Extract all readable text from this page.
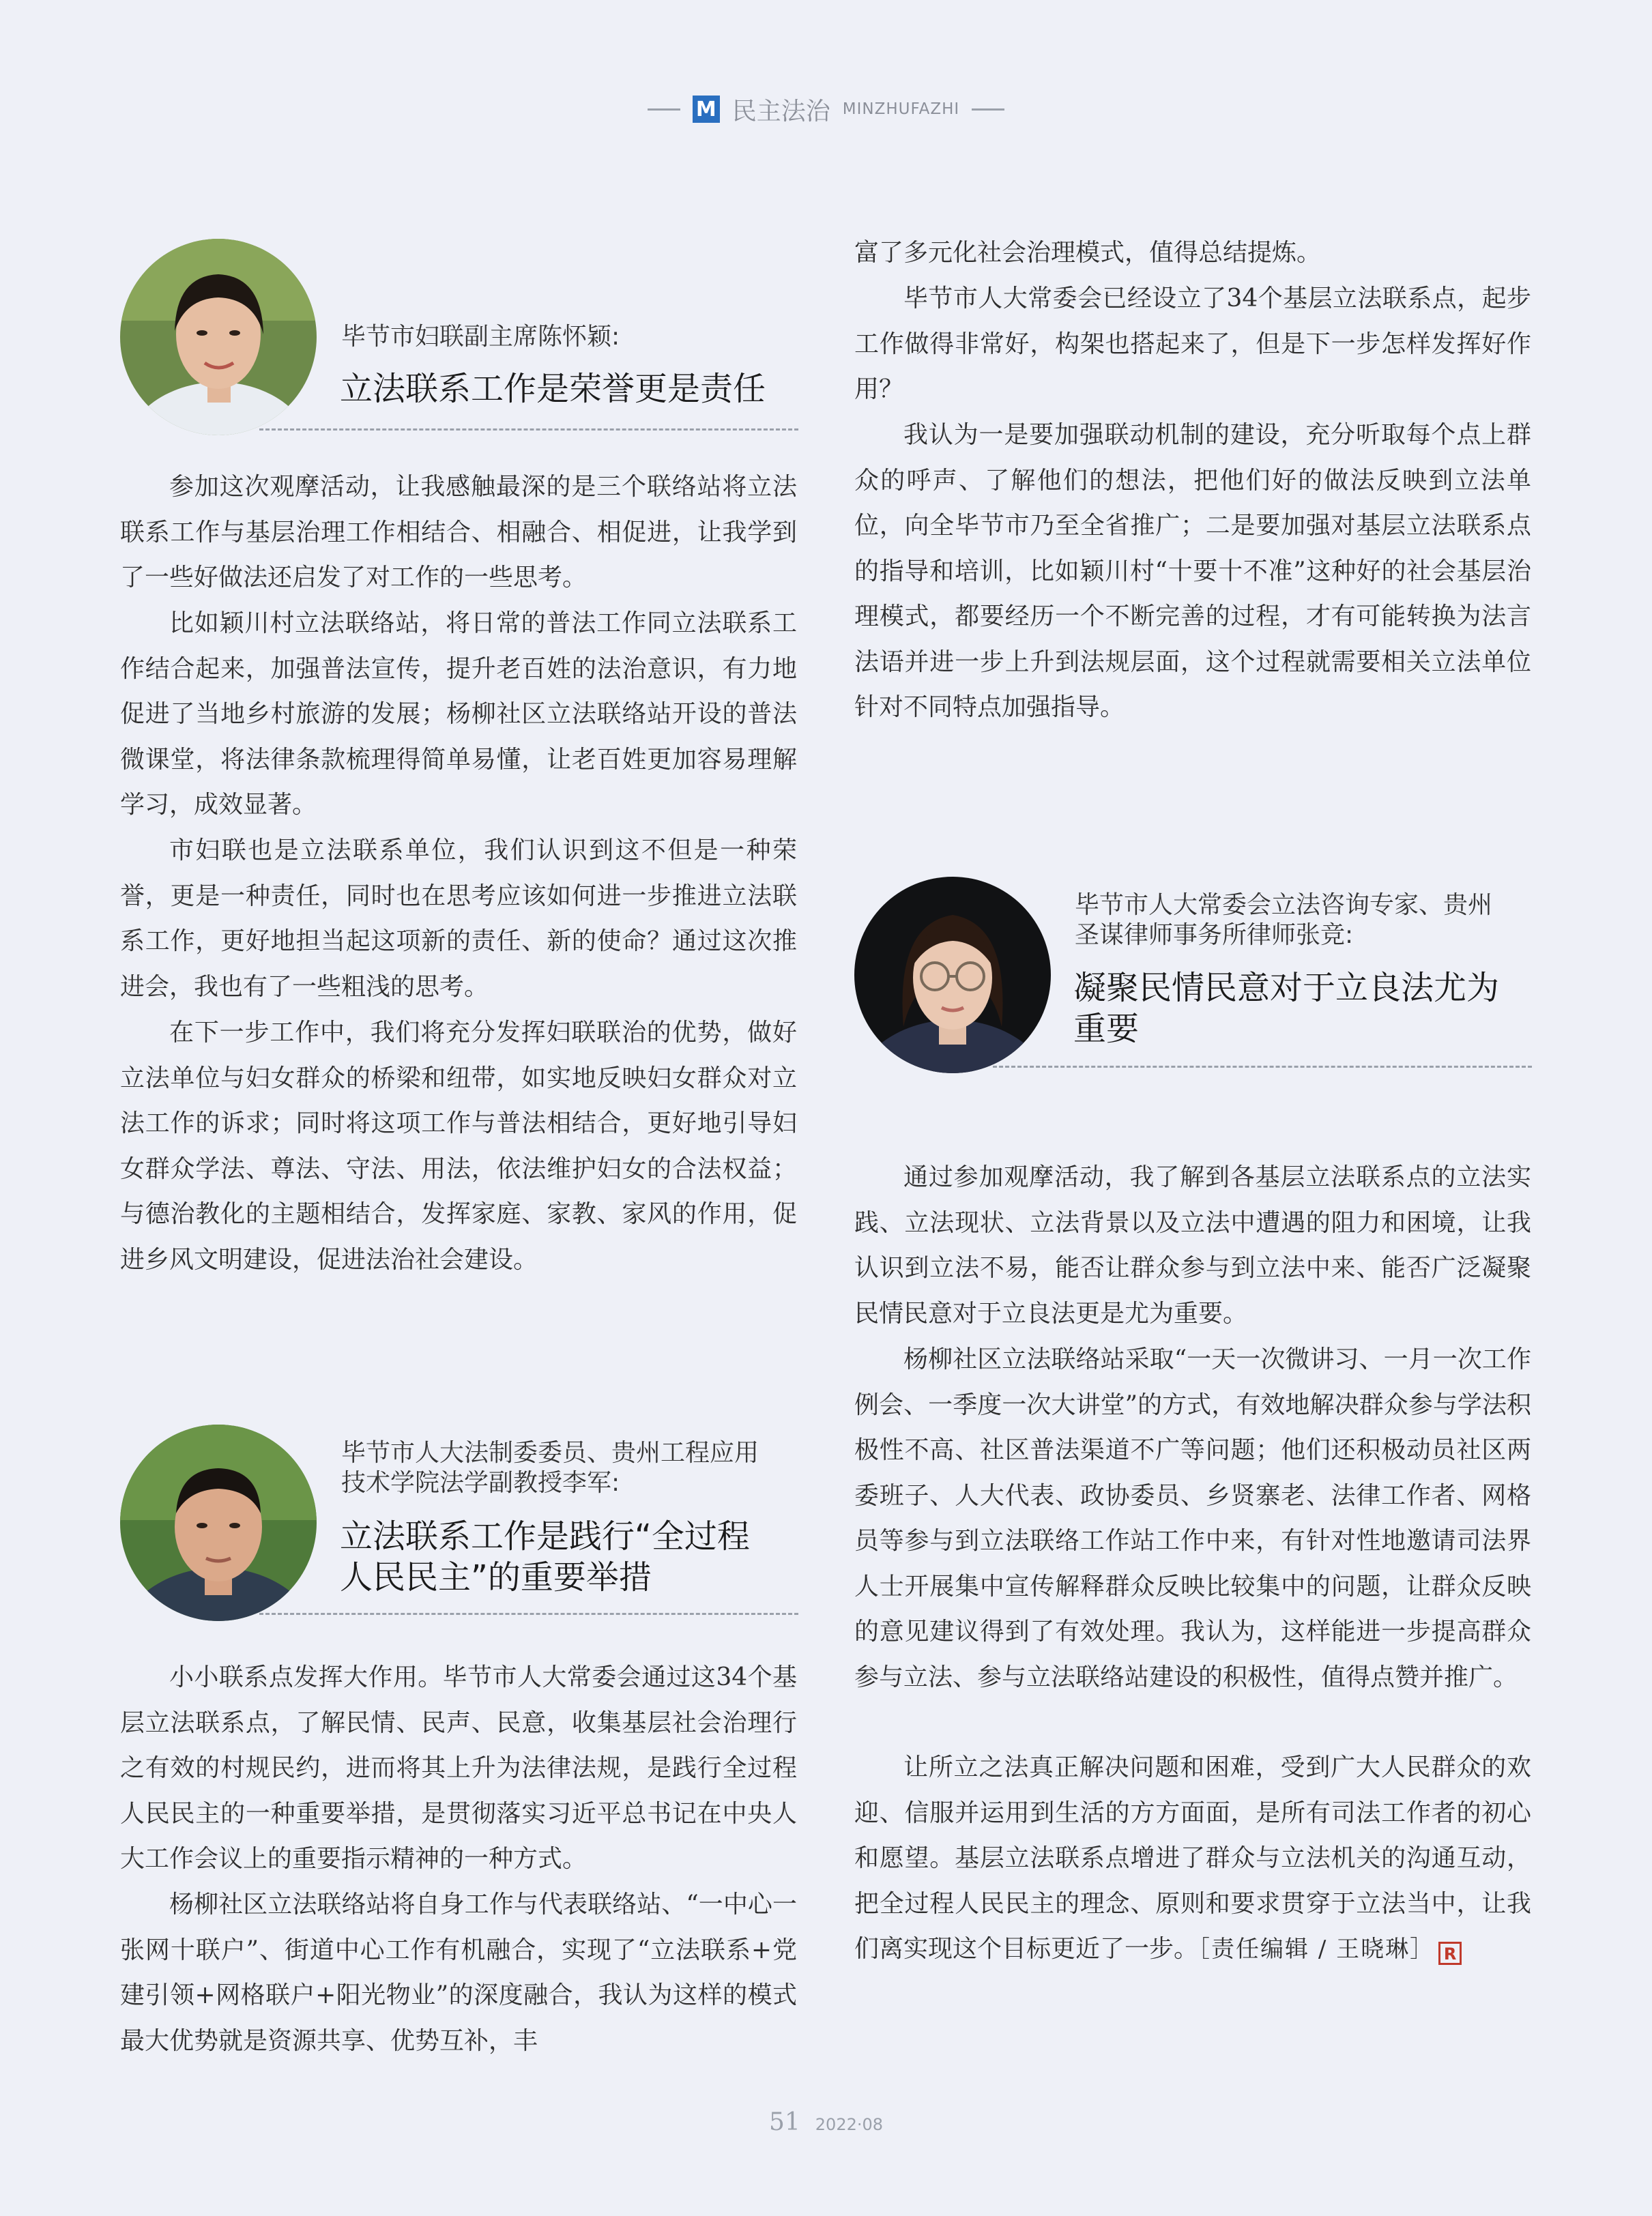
M 民主法治 MINZHUFAZHI
毕节市妇联副主席陈怀颖:
立法联系工作是荣誉更是责任

参加这次观摩活动，让我感触最深的是三个联络站将立法联系工作与基层治理工作相结合、相融合、相促进，让我学到了一些好做法还启发了对工作的一些思考。

比如颖川村立法联络站，将日常的普法工作同立法联系工作结合起来，加强普法宣传，提升老百姓的法治意识，有力地促进了当地乡村旅游的发展；杨柳社区立法联络站开设的普法微课堂，将法律条款梳理得简单易懂，让老百姓更加容易理解学习，成效显著。

市妇联也是立法联系单位，我们认识到这不但是一种荣誉，更是一种责任，同时也在思考应该如何进一步推进立法联系工作，更好地担当起这项新的责任、新的使命？通过这次推进会，我也有了一些粗浅的思考。

在下一步工作中，我们将充分发挥妇联联治的优势，做好立法单位与妇女群众的桥梁和纽带，如实地反映妇女群众对立法工作的诉求；同时将这项工作与普法相结合，更好地引导妇女群众学法、尊法、守法、用法，依法维护妇女的合法权益；与德治教化的主题相结合，发挥家庭、家教、家风的作用，促进乡风文明建设，促进法治社会建设。

毕节市人大法制委委员、贵州工程应用
技术学院法学副教授李军:
立法联系工作是践行“全过程
人民民主”的重要举措

小小联系点发挥大作用。毕节市人大常委会通过这34个基层立法联系点，了解民情、民声、民意，收集基层社会治理行之有效的村规民约，进而将其上升为法律法规，是践行全过程人民民主的一种重要举措，是贯彻落实习近平总书记在中央人大工作会议上的重要指示精神的一种方式。

杨柳社区立法联络站将自身工作与代表联络站、“一中心一张网十联户”、街道中心工作有机融合，实现了“立法联系+党建引领+网格联户+阳光物业”的深度融合，我认为这样的模式最大优势就是资源共享、优势互补，丰

富了多元化社会治理模式，值得总结提炼。

毕节市人大常委会已经设立了34个基层立法联系点，起步工作做得非常好，构架也搭起来了，但是下一步怎样发挥好作用？

我认为一是要加强联动机制的建设，充分听取每个点上群众的呼声、了解他们的想法，把他们好的做法反映到立法单位，向全毕节市乃至全省推广；二是要加强对基层立法联系点的指导和培训，比如颖川村“十要十不准”这种好的社会基层治理模式，都要经历一个不断完善的过程，才有可能转换为法言法语并进一步上升到法规层面，这个过程就需要相关立法单位针对不同特点加强指导。

毕节市人大常委会立法咨询专家、贵州
圣谋律师事务所律师张竞:
凝聚民情民意对于立良法尤为
重要

通过参加观摩活动，我了解到各基层立法联系点的立法实践、立法现状、立法背景以及立法中遭遇的阻力和困境，让我认识到立法不易，能否让群众参与到立法中来、能否广泛凝聚民情民意对于立良法更是尤为重要。

杨柳社区立法联络站采取“一天一次微讲习、一月一次工作例会、一季度一次大讲堂”的方式，有效地解决群众参与学法积极性不高、社区普法渠道不广等问题；他们还积极动员社区两委班子、人大代表、政协委员、乡贤寨老、法律工作者、网格员等参与到立法联络工作站工作中来，有针对性地邀请司法界人士开展集中宣传解释群众反映比较集中的问题，让群众反映的意见建议得到了有效处理。我认为，这样能进一步提高群众参与立法、参与立法联络站建设的积极性，值得点赞并推广。

让所立之法真正解决问题和困难，受到广大人民群众的欢迎、信服并运用到生活的方方面面，是所有司法工作者的初心和愿望。基层立法联系点增进了群众与立法机关的沟通互动，把全过程人民民主的理念、原则和要求贯穿于立法当中，让我们离实现这个目标更近了一步。［责任编辑 / 王晓琳］ R

51 2022·08
